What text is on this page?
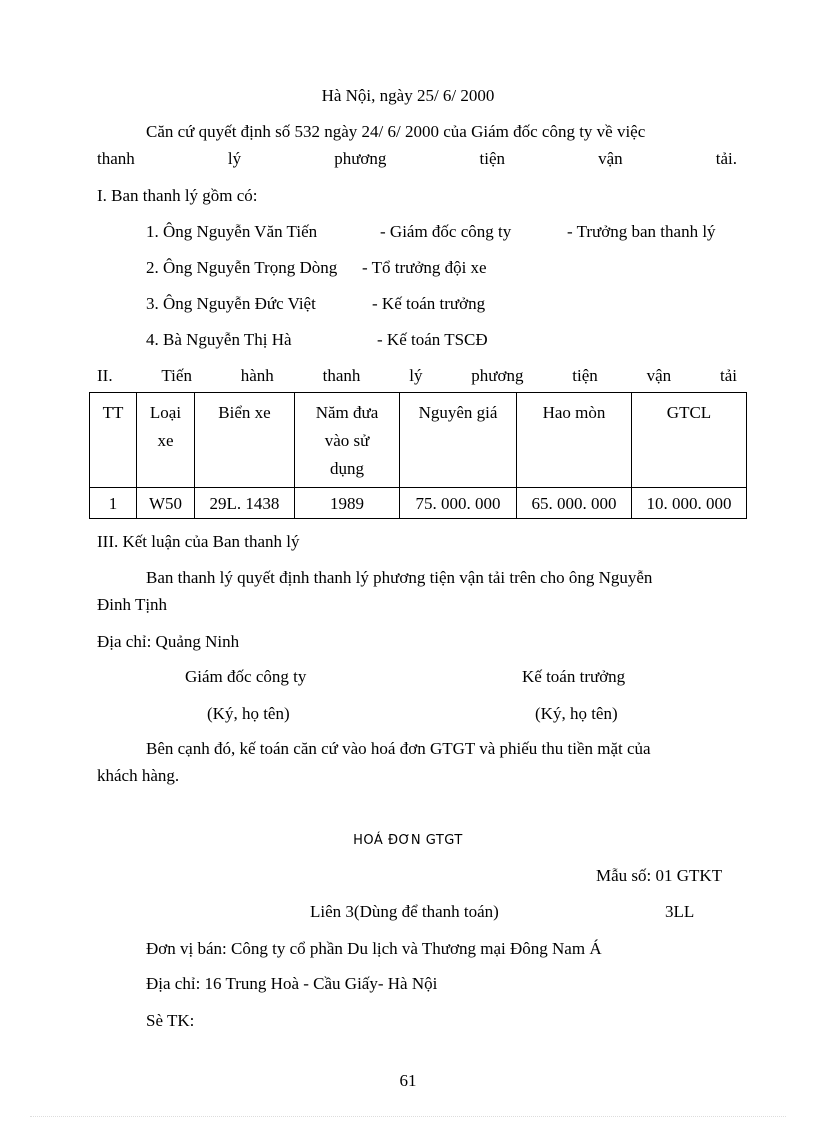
Hà Nội, ngày 25/ 6/ 2000
Căn cứ quyết định số 532 ngày 24/ 6/ 2000 của Giám đốc công ty về việc
thanh	lý	phương	tiện	vận	tải.
I. Ban thanh lý gồm có:
1. Ông Nguyễn Văn Tiến	- Giám đốc công ty	- Trưởng ban thanh lý
2. Ông Nguyễn Trọng Dòng - Tổ trưởng đội xe
3. Ông Nguyễn Đức Việt	- Kế toán trưởng
4. Bà Nguyễn Thị Hà	- Kế toán TSCĐ
II.	Tiến	hành	thanh	lý	phương	tiện	vận	tải
TT	Loại xe	Biển xe	Năm đưa vào sử dụng	Nguyên giá	Hao mòn	GTCL
1	W50	29L. 1438	1989	75. 000. 000	65. 000. 000	10. 000. 000
III. Kết luận của Ban thanh lý
Ban thanh lý quyết định thanh lý phương tiện vận tải trên cho ông Nguyễn
Đinh Tịnh
Địa chỉ: Quảng Ninh
Giám đốc công ty	Kế toán trưởng
(Ký, họ tên)	(Ký, họ tên)
Bên cạnh đó, kế toán căn cứ vào hoá đơn GTGT và phiếu thu tiền mặt của
khách hàng.
HOÁ ĐƠN GTGT
Mẫu số: 01 GTKT
Liên 3(Dùng để thanh toán)	3LL
Đơn vị bán: Công ty cổ phần Du lịch và Thương mại Đông Nam Á
Địa chỉ: 16 Trung Hoà - Cầu Giấy- Hà Nội
Sè TK:
61
